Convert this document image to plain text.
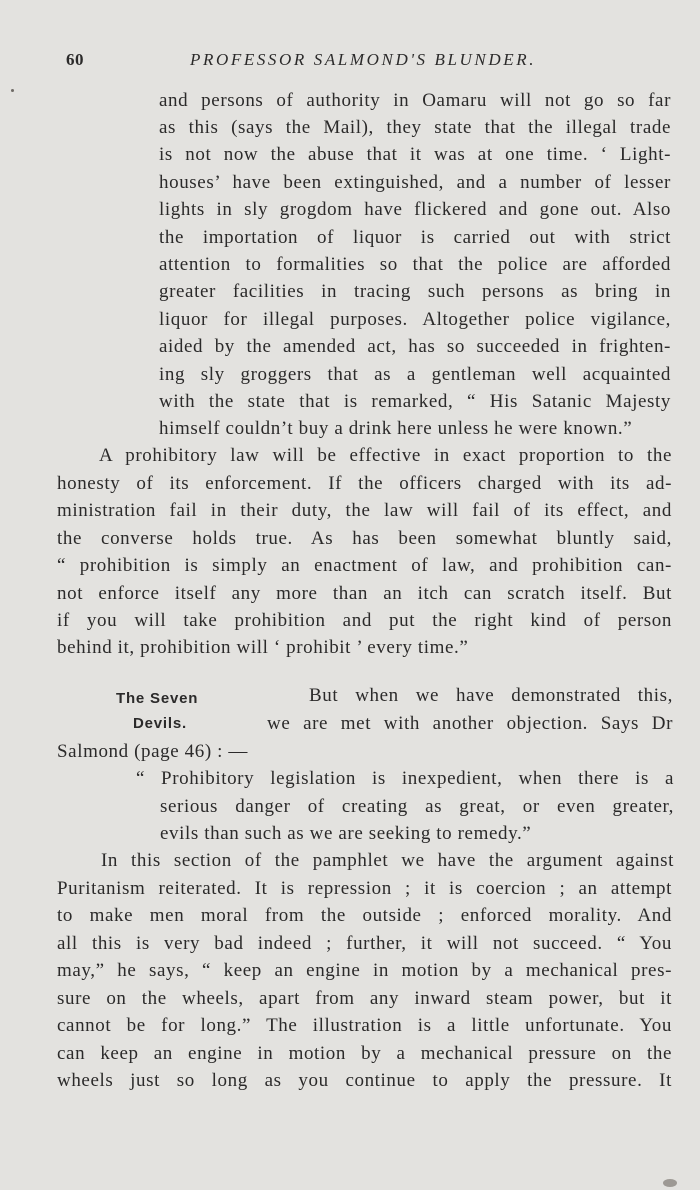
60	PROFESSOR SALMOND'S BLUNDER.
and persons of authority in Oamaru will not go so far
as this (says the Mail), they state that the illegal trade
is not now the abuse that it was at one time. ‘ Light-
houses’ have been extinguished, and a number of lesser
lights in sly grogdom have flickered and gone out. Also
the importation of liquor is carried out with strict
attention to formalities so that the police are afforded
greater facilities in tracing such persons as bring in
liquor for illegal purposes. Altogether police vigilance,
aided by the amended act, has so succeeded in frighten-
ing sly groggers that as a gentleman well acquainted
with the state that is remarked, “ His Satanic Majesty
himself couldn’t buy a drink here unless he were known.”
A prohibitory law will be effective in exact proportion to the
honesty of its enforcement. If the officers charged with its ad-
ministration fail in their duty, the law will fail of its effect, and
the converse holds true. As has been somewhat bluntly said,
“ prohibition is simply an enactment of law, and prohibition can-
not enforce itself any more than an itch can scratch itself. But
if you will take prohibition and put the right kind of person
behind it, prohibition will ‘ prohibit ’ every time.”
The Seven
Devils.
But when we have demonstrated this,
we are met with another objection. Says Dr
Salmond (page 46) : —
“ Prohibitory legislation is inexpedient, when there is a
serious danger of creating as great, or even greater,
evils than such as we are seeking to remedy.”
In this section of the pamphlet we have the argument against
Puritanism reiterated. It is repression ; it is coercion ; an attempt
to make men moral from the outside ; enforced morality. And
all this is very bad indeed ; further, it will not succeed. “ You
may,” he says, “ keep an engine in motion by a mechanical pres-
sure on the wheels, apart from any inward steam power, but it
cannot be for long.” The illustration is a little unfortunate. You
can keep an engine in motion by a mechanical pressure on the
wheels just so long as you continue to apply the pressure. It
